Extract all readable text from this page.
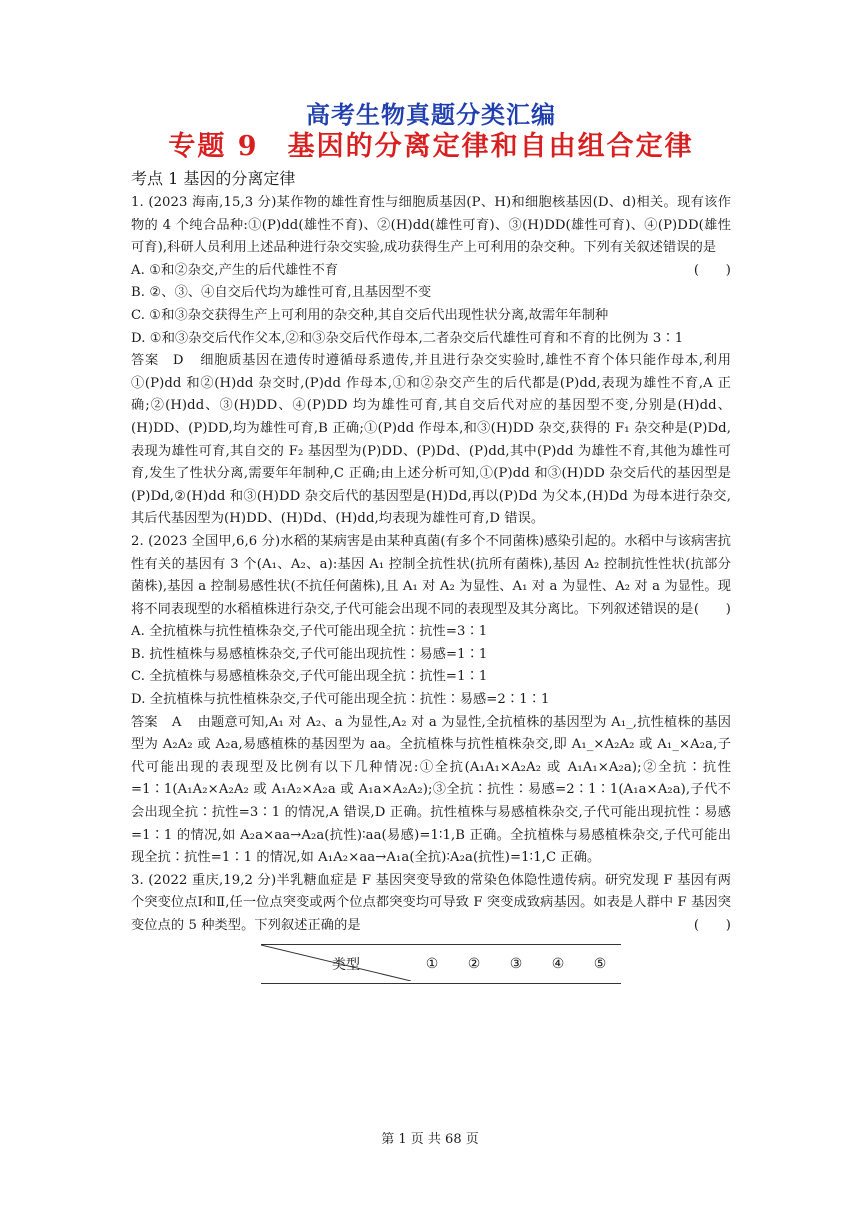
高考生物真题分类汇编
专题 9　基因的分离定律和自由组合定律
考点 1 基因的分离定律

1. (2023 海南,15,3 分)某作物的雄性育性与细胞质基因(P、H)和细胞核基因(D、d)相关。现有该作物的 4 个纯合品种:①(P)dd(雄性不育)、②(H)dd(雄性可育)、③(H)DD(雄性可育)、④(P)DD(雄性可育),科研人员利用上述品种进行杂交实验,成功获得生产上可利用的杂交种。下列有关叙述错误的是
(　　)

A. ①和②杂交,产生的后代雄性不育

B. ②、③、④自交后代均为雄性可育,且基因型不变

C. ①和③杂交获得生产上可利用的杂交种,其自交后代出现性状分离,故需年年制种

D. ①和③杂交后代作父本,②和③杂交后代作母本,二者杂交后代雄性可育和不育的比例为 3∶1

答案 D 细胞质基因在遗传时遵循母系遗传,并且进行杂交实验时,雄性不育个体只能作母本,利用①(P)dd 和②(H)dd 杂交时,(P)dd 作母本,①和②杂交产生的后代都是(P)dd,表现为雄性不育,A 正确;②(H)dd、③(H)DD、④(P)DD 均为雄性可育,其自交后代对应的基因型不变,分别是(H)dd、(H)DD、(P)DD,均为雄性可育,B 正确;①(P)dd 作母本,和③(H)DD 杂交,获得的 F₁ 杂交种是(P)Dd,表现为雄性可育,其自交的 F₂ 基因型为(P)DD、(P)Dd、(P)dd,其中(P)dd 为雄性不育,其他为雄性可育,发生了性状分离,需要年年制种,C 正确;由上述分析可知,①(P)dd 和③(H)DD 杂交后代的基因型是(P)Dd,②(H)dd 和③(H)DD 杂交后代的基因型是(H)Dd,再以(P)Dd 为父本,(H)Dd 为母本进行杂交,其后代基因型为(H)DD、(H)Dd、(H)dd,均表现为雄性可育,D 错误。

2. (2023 全国甲,6,6 分)水稻的某病害是由某种真菌(有多个不同菌株)感染引起的。水稻中与该病害抗性有关的基因有 3 个(A₁、A₂、a):基因 A₁ 控制全抗性状(抗所有菌株),基因 A₂ 控制抗性性状(抗部分菌株),基因 a 控制易感性状(不抗任何菌株),且 A₁ 对 A₂ 为显性、A₁ 对 a 为显性、A₂ 对 a 为显性。现将不同表现型的水稻植株进行杂交,子代可能会出现不同的表现型及其分离比。下列叙述错误的是 (　　)

A. 全抗植株与抗性植株杂交,子代可能出现全抗∶抗性=3∶1

B. 抗性植株与易感植株杂交,子代可能出现抗性∶易感=1∶1

C. 全抗植株与易感植株杂交,子代可能出现全抗∶抗性=1∶1

D. 全抗植株与抗性植株杂交,子代可能出现全抗∶抗性∶易感=2∶1∶1

答案 A 由题意可知,A₁ 对 A₂、a 为显性,A₂ 对 a 为显性,全抗植株的基因型为 A₁_,抗性植株的基因型为 A₂A₂ 或 A₂a,易感植株的基因型为 aa。全抗植株与抗性植株杂交,即 A₁_×A₂A₂ 或 A₁_×A₂a,子代可能出现的表现型及比例有以下几种情况:①全抗(A₁A₁×A₂A₂ 或 A₁A₁×A₂a);②全抗∶抗性=1∶1(A₁A₂×A₂A₂ 或 A₁A₂×A₂a 或 A₁a×A₂A₂);③全抗∶抗性∶易感=2∶1∶1(A₁a×A₂a),子代不会出现全抗∶抗性=3∶1 的情况,A 错误,D 正确。抗性植株与易感植株杂交,子代可能出现抗性∶易感=1∶1 的情况,如 A₂a×aa→A₂a(抗性)∶aa(易感)=1∶1,B 正确。全抗植株与易感植株杂交,子代可能出现全抗∶抗性=1∶1 的情况,如 A₁A₂×aa→A₁a(全抗)∶A₂a(抗性)=1∶1,C 正确。

3. (2022 重庆,19,2 分)半乳糖血症是 F 基因突变导致的常染色体隐性遗传病。研究发现 F 基因有两个突变位点Ⅰ和Ⅱ,任一位点突变或两个位点都突变均可导致 F 突变成致病基因。如表是人群中 F 基因突变位点的 5 种类型。下列叙述正确的是	(　　)

类型	①	②	③	④	⑤
第 1 页 共 68 页
